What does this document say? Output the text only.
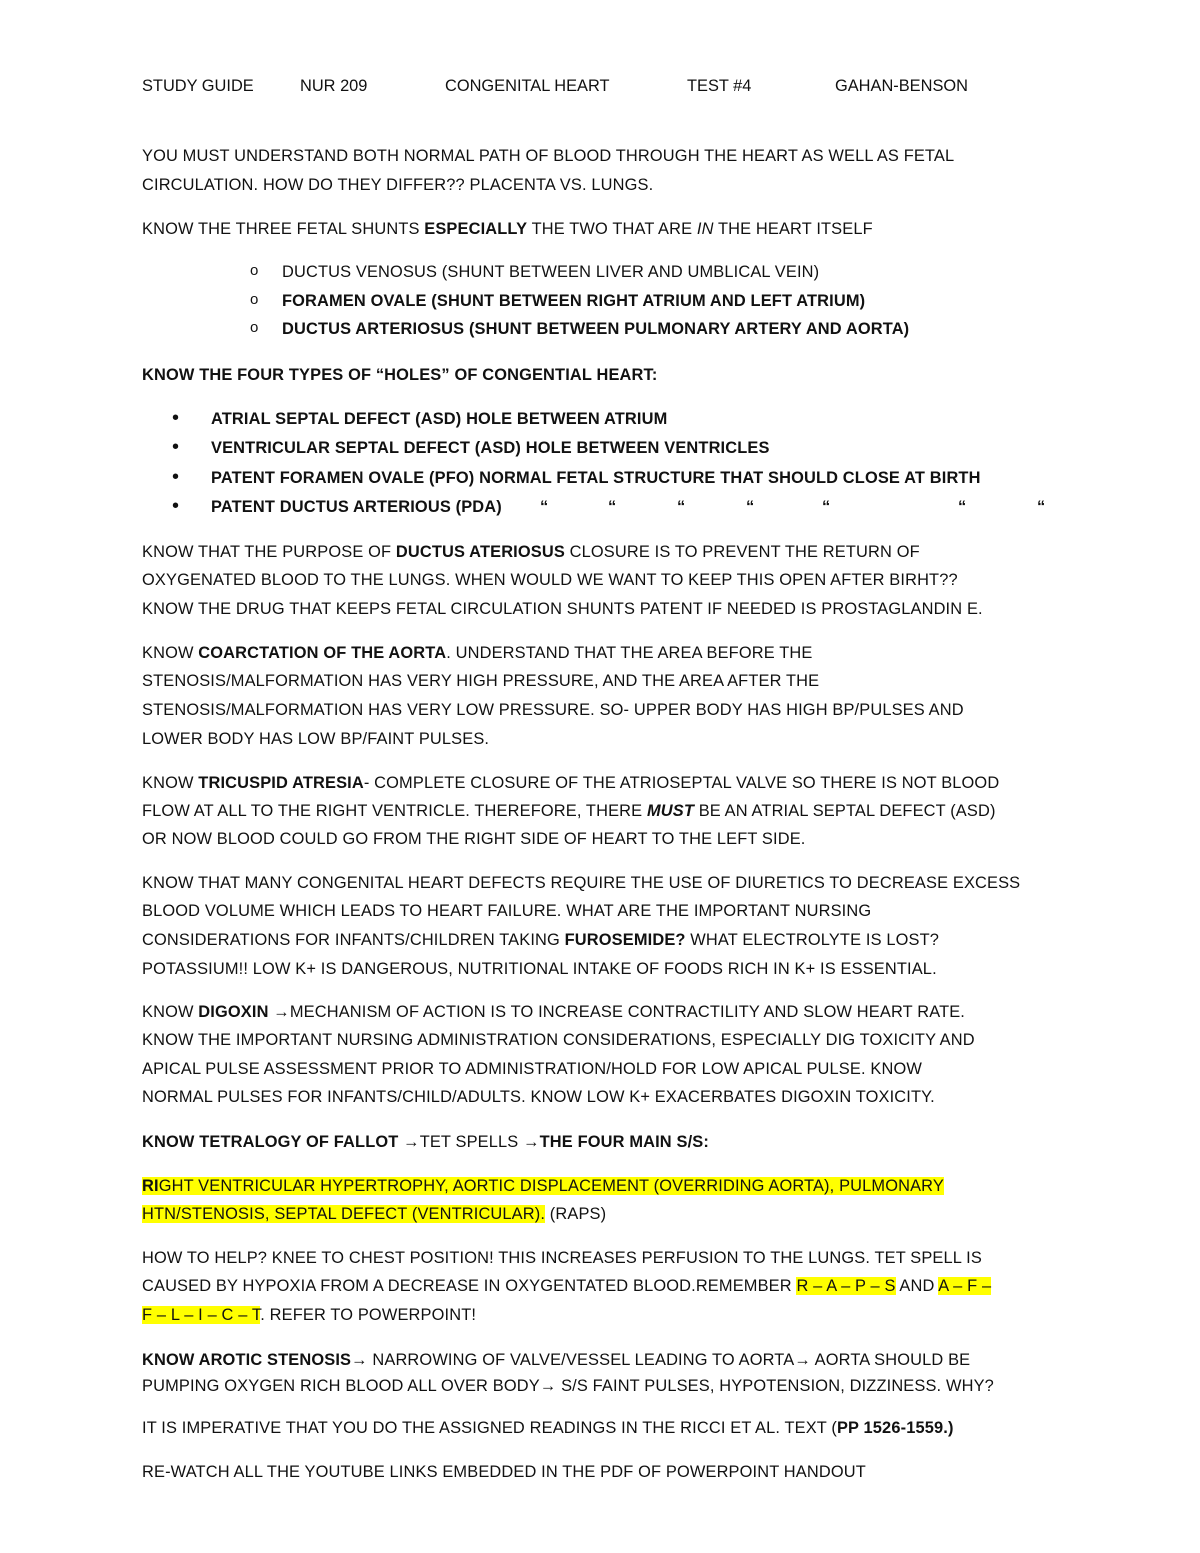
STUDY GUIDE	NUR 209	CONGENITAL HEART	TEST #4	GAHAN-BENSON
YOU MUST UNDERSTAND BOTH NORMAL PATH OF BLOOD THROUGH THE HEART AS WELL AS FETAL
CIRCULATION. HOW DO THEY DIFFER?? PLACENTA VS. LUNGS.
KNOW THE THREE FETAL SHUNTS ESPECIALLY THE TWO THAT ARE IN THE HEART ITSELF
o DUCTUS VENOSUS (SHUNT BETWEEN LIVER AND UMBLICAL VEIN)
o FORAMEN OVALE (SHUNT BETWEEN RIGHT ATRIUM AND LEFT ATRIUM)
o DUCTUS ARTERIOSUS (SHUNT BETWEEN PULMONARY ARTERY AND AORTA)
KNOW THE FOUR TYPES OF “HOLES” OF CONGENTIAL HEART:
• ATRIAL SEPTAL DEFECT (ASD) HOLE BETWEEN ATRIUM
• VENTRICULAR SEPTAL DEFECT (ASD) HOLE BETWEEN VENTRICLES
• PATENT FORAMEN OVALE (PFO) NORMAL FETAL STRUCTURE THAT SHOULD CLOSE AT BIRTH
• PATENT DUCTUS ARTERIOUS (PDA) “	“	“	“	“	“	“
KNOW THAT THE PURPOSE OF DUCTUS ATERIOSUS CLOSURE IS TO PREVENT THE RETURN OF
OXYGENATED BLOOD TO THE LUNGS. WHEN WOULD WE WANT TO KEEP THIS OPEN AFTER BIRHT??
KNOW THE DRUG THAT KEEPS FETAL CIRCULATION SHUNTS PATENT IF NEEDED IS PROSTAGLANDIN E.
KNOW COARCTATION OF THE AORTA. UNDERSTAND THAT THE AREA BEFORE THE
STENOSIS/MALFORMATION HAS VERY HIGH PRESSURE, AND THE AREA AFTER THE
STENOSIS/MALFORMATION HAS VERY LOW PRESSURE. SO- UPPER BODY HAS HIGH BP/PULSES AND
LOWER BODY HAS LOW BP/FAINT PULSES.
KNOW TRICUSPID ATRESIA- COMPLETE CLOSURE OF THE ATRIOSEPTAL VALVE SO THERE IS NOT BLOOD
FLOW AT ALL TO THE RIGHT VENTRICLE. THEREFORE, THERE MUST BE AN ATRIAL SEPTAL DEFECT (ASD)
OR NOW BLOOD COULD GO FROM THE RIGHT SIDE OF HEART TO THE LEFT SIDE.
KNOW THAT MANY CONGENITAL HEART DEFECTS REQUIRE THE USE OF DIURETICS TO DECREASE EXCESS
BLOOD VOLUME WHICH LEADS TO HEART FAILURE. WHAT ARE THE IMPORTANT NURSING
CONSIDERATIONS FOR INFANTS/CHILDREN TAKING FUROSEMIDE? WHAT ELECTROLYTE IS LOST?
POTASSIUM!! LOW K+ IS DANGEROUS, NUTRITIONAL INTAKE OF FOODS RICH IN K+ IS ESSENTIAL.
KNOW DIGOXIN →MECHANISM OF ACTION IS TO INCREASE CONTRACTILITY AND SLOW HEART RATE.
KNOW THE IMPORTANT NURSING ADMINISTRATION CONSIDERATIONS, ESPECIALLY DIG TOXICITY AND
APICAL PULSE ASSESSMENT PRIOR TO ADMINISTRATION/HOLD FOR LOW APICAL PULSE. KNOW
NORMAL PULSES FOR INFANTS/CHILD/ADULTS. KNOW LOW K+ EXACERBATES DIGOXIN TOXICITY.
KNOW TETRALOGY OF FALLOT →TET SPELLS →THE FOUR MAIN S/S:
RIGHT VENTRICULAR HYPERTROPHY, AORTIC DISPLACEMENT (OVERRIDING AORTA), PULMONARY
HTN/STENOSIS, SEPTAL DEFECT (VENTRICULAR). (RAPS)
HOW TO HELP? KNEE TO CHEST POSITION! THIS INCREASES PERFUSION TO THE LUNGS. TET SPELL IS
CAUSED BY HYPOXIA FROM A DECREASE IN OXYGENTATED BLOOD.REMEMBER R – A – P – S AND A – F –
F – L – I – C – T. REFER TO POWERPOINT!
KNOW AROTIC STENOSIS→ NARROWING OF VALVE/VESSEL LEADING TO AORTA→ AORTA SHOULD BE
PUMPING OXYGEN RICH BLOOD ALL OVER BODY→ S/S FAINT PULSES, HYPOTENSION, DIZZINESS. WHY?
IT IS IMPERATIVE THAT YOU DO THE ASSIGNED READINGS IN THE RICCI ET AL. TEXT (PP 1526-1559.)
RE-WATCH ALL THE YOUTUBE LINKS EMBEDDED IN THE PDF OF POWERPOINT HANDOUT
